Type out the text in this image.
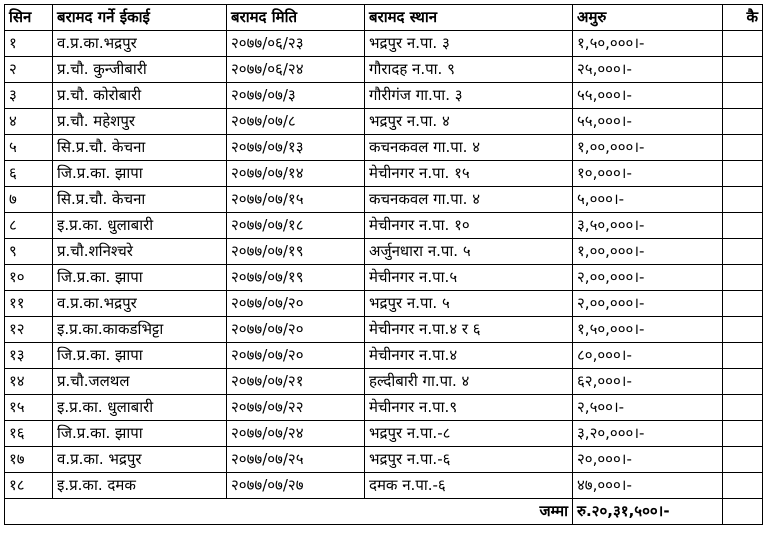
सिन	बरामद गर्ने ईकाई	बरामद मिति	बरामद स्थान	अमुरु	कै
१	व.प्र.का.भद्रपुर	२०७७/०६/२३	भद्रपुर न.पा. ३	१,५०,०००।-	
२	प्र.चौ. कुन्जीबारी	२०७७/०६/२४	गौरादह न.पा. ९	२५,०००।-	
३	प्र.चौ. कोरोबारी	२०७७/०७/३	गौरीगंज गा.पा. ३	५५,०००।-	
४	प्र.चौ. महेशपुर	२०७७/०७/८	भद्रपुर न.पा. ४	५५,०००।-	
५	सि.प्र.चौ. केचना	२०७७/०७/१३	कचनकवल गा.पा. ४	१,००,०००।-	
६	जि.प्र.का. झापा	२०७७/०७/१४	मेचीनगर न.पा. १५	१०,०००।-	
७	सि.प्र.चौ. केचना	२०७७/०७/१५	कचनकवल गा.पा. ४	५,०००।-	
८	इ.प्र.का. धुलाबारी	२०७७/०७/१८	मेचीनगर न.पा. १०	३,५०,०००।-	
९	प्र.चौ.शनिश्चरे	२०७७/०७/१९	अर्जुनधारा न.पा. ५	१,००,०००।-	
१०	जि.प्र.का. झापा	२०७७/०७/१९	मेचीनगर न.पा.५	२,००,०००।-	
११	व.प्र.का.भद्रपुर	२०७७/०७/२०	भद्रपुर न.पा. ५	२,००,०००।-	
१२	इ.प्र.का.काकडभिट्टा	२०७७/०७/२०	मेचीनगर न.पा.४ र ६	१,५०,०००।-	
१३	जि.प्र.का. झापा	२०७७/०७/२०	मेचीनगर न.पा.४	८०,०००।-	
१४	प्र.चौ.जलथल	२०७७/०७/२१	हल्दीबारी गा.पा. ४	६२,०००।-	
१५	इ.प्र.का. धुलाबारी	२०७७/०७/२२	मेचीनगर न.पा.९	२,५००।-	
१६	जि.प्र.का. झापा	२०७७/०७/२४	भद्रपुर न.पा.-८	३,२०,०००।-	
१७	व.प्र.का. भद्रपुर	२०७७/०७/२५	भद्रपुर न.पा.-६	२०,०००।-	
१८	इ.प्र.का. दमक	२०७७/०७/२७	दमक न.पा.-६	४७,०००।-	
			जम्मा	रु.२०,३१,५००।-	
